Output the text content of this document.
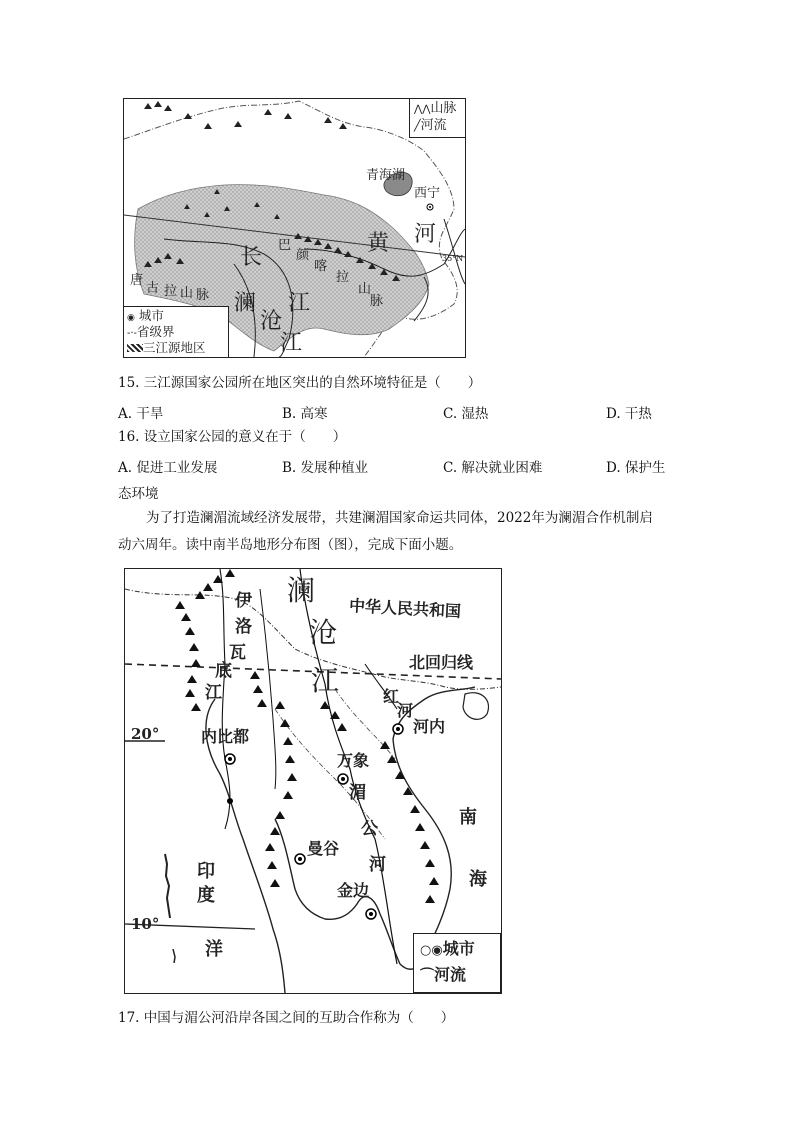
⋀⋀山脉
╱河流
◉ 城市
-·-省级界
三江源地区
青海湖
西宁
河
黄
35°N
长
江
澜
沧
江
巴
颜
喀
拉
山
脉
唐
古 拉 山 脉
15. 三江源国家公园所在地区突出的自然环境特征是（　　）
A. 干旱	B. 高寒	C. 湿热	D. 干热
16. 设立国家公园的意义在于（　　）
A. 促进工业发展	B. 发展种植业	C. 解决就业困难	D. 保护生
态环境
为了打造澜湄流域经济发展带，共建澜湄国家命运共同体，2022年为澜湄合作机制启
动六周年。读中南半岛地形分布图（图），完成下面小题。
澜
沧
江
中华人民共和国
北回归线
伊
洛
瓦
底
江
20°
10°
内比都
红
河
河内
万象
湄
公
河
曼谷
金边
南
海
印
度
洋	○◉城市
⌒河流
17. 中国与湄公河沿岸各国之间的互助合作称为（　　）
